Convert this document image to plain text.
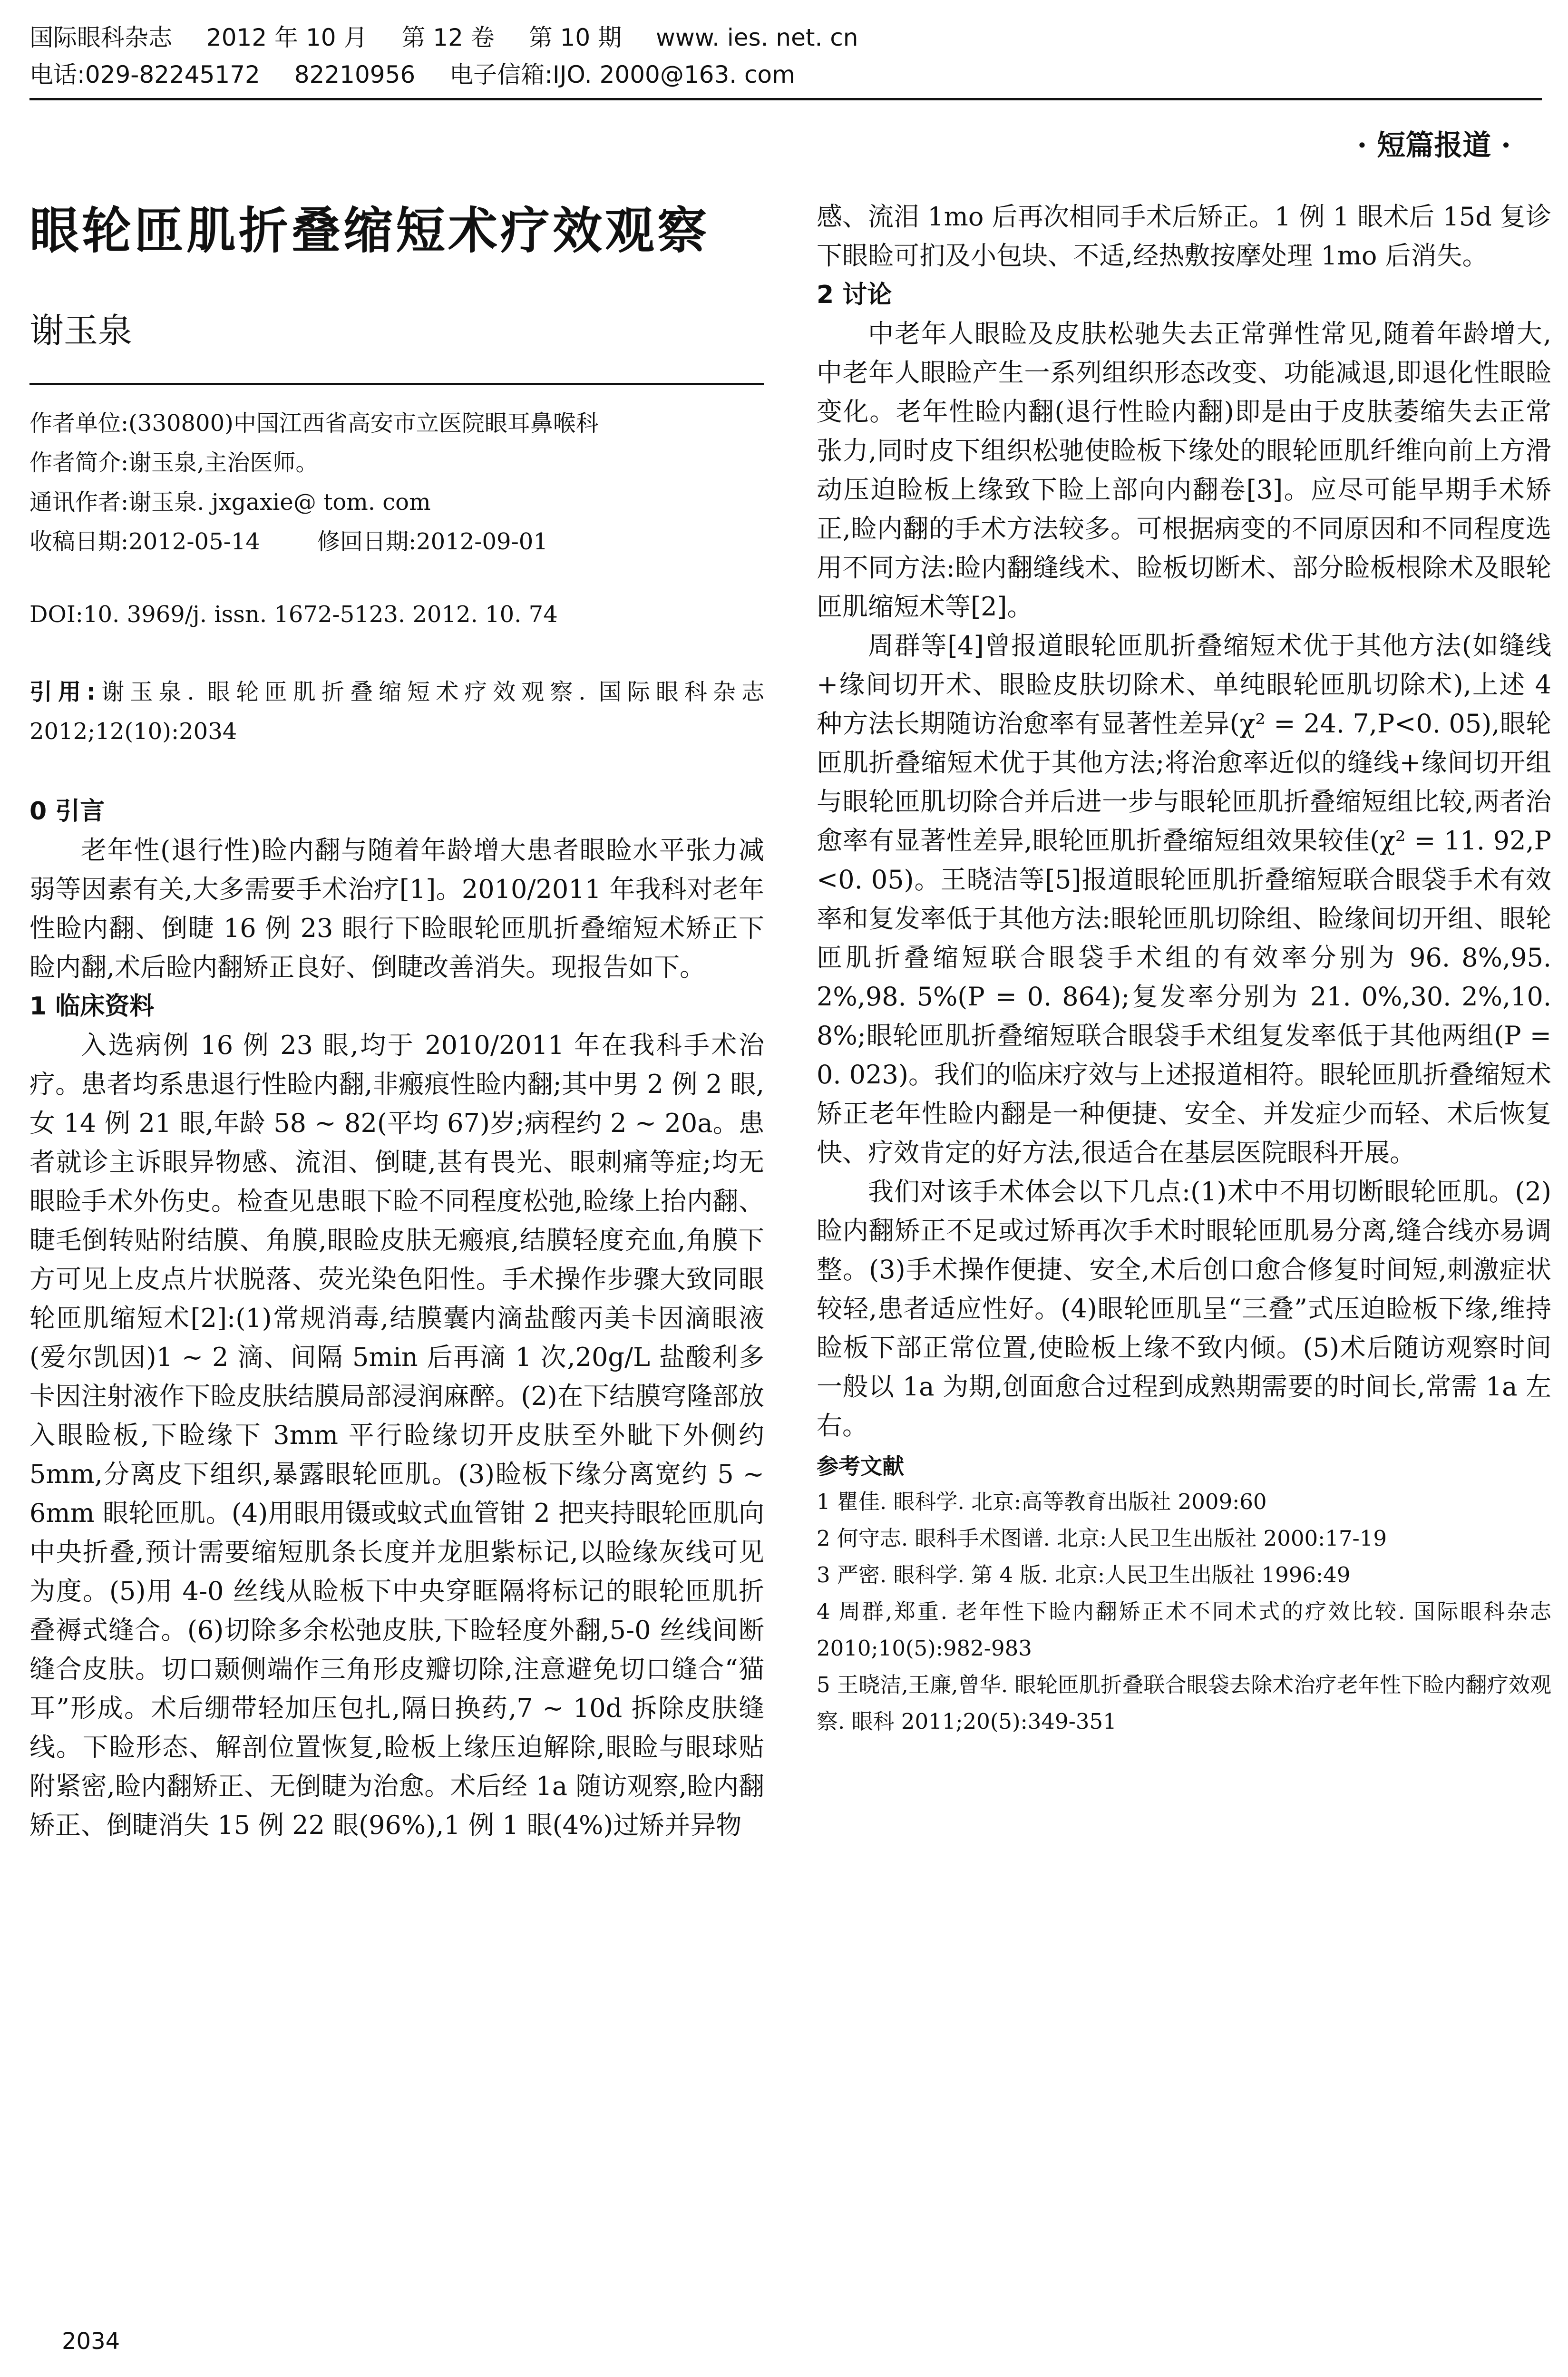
国际眼科杂志 2012 年 10 月 第 12 卷 第 10 期 www. ies. net. cn
电话:029-82245172 82210956 电子信箱:IJO. 2000@163. com
· 短篇报道 ·
眼轮匝肌折叠缩短术疗效观察
谢玉泉

作者单位:(330800)中国江西省高安市立医院眼耳鼻喉科

作者简介:谢玉泉,主治医师。

通讯作者:谢玉泉. jxgaxie@ tom. com

收稿日期:2012-05-14	修回日期:2012-09-01

DOI:10. 3969/j. issn. 1672-5123. 2012. 10. 74
引用:谢玉泉. 眼轮匝肌折叠缩短术疗效观察. 国际眼科杂志 2012;12(10):2034
0 引言

老年性(退行性)睑内翻与随着年龄增大患者眼睑水平张力减弱等因素有关,大多需要手术治疗[1]。2010/2011 年我科对老年性睑内翻、倒睫 16 例 23 眼行下睑眼轮匝肌折叠缩短术矫正下睑内翻,术后睑内翻矫正良好、倒睫改善消失。现报告如下。

1 临床资料

入选病例 16 例 23 眼,均于 2010/2011 年在我科手术治疗。患者均系患退行性睑内翻,非瘢痕性睑内翻;其中男 2 例 2 眼,女 14 例 21 眼,年龄 58 ~ 82(平均 67)岁;病程约 2 ~ 20a。患者就诊主诉眼异物感、流泪、倒睫,甚有畏光、眼刺痛等症;均无眼睑手术外伤史。检查见患眼下睑不同程度松弛,睑缘上抬内翻、睫毛倒转贴附结膜、角膜,眼睑皮肤无瘢痕,结膜轻度充血,角膜下方可见上皮点片状脱落、荧光染色阳性。手术操作步骤大致同眼轮匝肌缩短术[2]:(1)常规消毒,结膜囊内滴盐酸丙美卡因滴眼液(爱尔凯因)1 ~ 2 滴、间隔 5min 后再滴 1 次,20g/L 盐酸利多卡因注射液作下睑皮肤结膜局部浸润麻醉。(2)在下结膜穹隆部放入眼睑板,下睑缘下 3mm 平行睑缘切开皮肤至外眦下外侧约 5mm,分离皮下组织,暴露眼轮匝肌。(3)睑板下缘分离宽约 5 ~ 6mm 眼轮匝肌。(4)用眼用镊或蚊式血管钳 2 把夹持眼轮匝肌向中央折叠,预计需要缩短肌条长度并龙胆紫标记,以睑缘灰线可见为度。(5)用 4-0 丝线从睑板下中央穿眶隔将标记的眼轮匝肌折叠褥式缝合。(6)切除多余松弛皮肤,下睑轻度外翻,5-0 丝线间断缝合皮肤。切口颞侧端作三角形皮瓣切除,注意避免切口缝合“猫耳”形成。术后绷带轻加压包扎,隔日换药,7 ~ 10d 拆除皮肤缝线。下睑形态、解剖位置恢复,睑板上缘压迫解除,眼睑与眼球贴附紧密,睑内翻矫正、无倒睫为治愈。术后经 1a 随访观察,睑内翻矫正、倒睫消失 15 例 22 眼(96%),1 例 1 眼(4%)过矫并异物

感、流泪 1mo 后再次相同手术后矫正。1 例 1 眼术后 15d 复诊下眼睑可扪及小包块、不适,经热敷按摩处理 1mo 后消失。

2 讨论

中老年人眼睑及皮肤松驰失去正常弹性常见,随着年龄增大,中老年人眼睑产生一系列组织形态改变、功能减退,即退化性眼睑变化。老年性睑内翻(退行性睑内翻)即是由于皮肤萎缩失去正常张力,同时皮下组织松驰使睑板下缘处的眼轮匝肌纤维向前上方滑动压迫睑板上缘致下睑上部向内翻卷[3]。应尽可能早期手术矫正,睑内翻的手术方法较多。可根据病变的不同原因和不同程度选用不同方法:睑内翻缝线术、睑板切断术、部分睑板根除术及眼轮匝肌缩短术等[2]。

周群等[4]曾报道眼轮匝肌折叠缩短术优于其他方法(如缝线+缘间切开术、眼睑皮肤切除术、单纯眼轮匝肌切除术),上述 4 种方法长期随访治愈率有显著性差异(χ² = 24. 7,P<0. 05),眼轮匝肌折叠缩短术优于其他方法;将治愈率近似的缝线+缘间切开组与眼轮匝肌切除合并后进一步与眼轮匝肌折叠缩短组比较,两者治愈率有显著性差异,眼轮匝肌折叠缩短组效果较佳(χ² = 11. 92,P <0. 05)。王晓洁等[5]报道眼轮匝肌折叠缩短联合眼袋手术有效率和复发率低于其他方法:眼轮匝肌切除组、睑缘间切开组、眼轮匝肌折叠缩短联合眼袋手术组的有效率分别为 96. 8%,95. 2%,98. 5%(P = 0. 864);复发率分别为 21. 0%,30. 2%,10. 8%;眼轮匝肌折叠缩短联合眼袋手术组复发率低于其他两组(P = 0. 023)。我们的临床疗效与上述报道相符。眼轮匝肌折叠缩短术矫正老年性睑内翻是一种便捷、安全、并发症少而轻、术后恢复快、疗效肯定的好方法,很适合在基层医院眼科开展。

我们对该手术体会以下几点:(1)术中不用切断眼轮匝肌。(2)睑内翻矫正不足或过矫再次手术时眼轮匝肌易分离,缝合线亦易调整。(3)手术操作便捷、安全,术后创口愈合修复时间短,刺激症状较轻,患者适应性好。(4)眼轮匝肌呈“三叠”式压迫睑板下缘,维持睑板下部正常位置,使睑板上缘不致内倾。(5)术后随访观察时间一般以 1a 为期,创面愈合过程到成熟期需要的时间长,常需 1a 左右。

参考文献

1 瞿佳. 眼科学. 北京:高等教育出版社 2009:60

2 何守志. 眼科手术图谱. 北京:人民卫生出版社 2000:17-19

3 严密. 眼科学. 第 4 版. 北京:人民卫生出版社 1996:49

4 周群,郑重. 老年性下睑内翻矫正术不同术式的疗效比较. 国际眼科杂志 2010;10(5):982-983

5 王晓洁,王廉,曾华. 眼轮匝肌折叠联合眼袋去除术治疗老年性下睑内翻疗效观察. 眼科 2011;20(5):349-351

2034
